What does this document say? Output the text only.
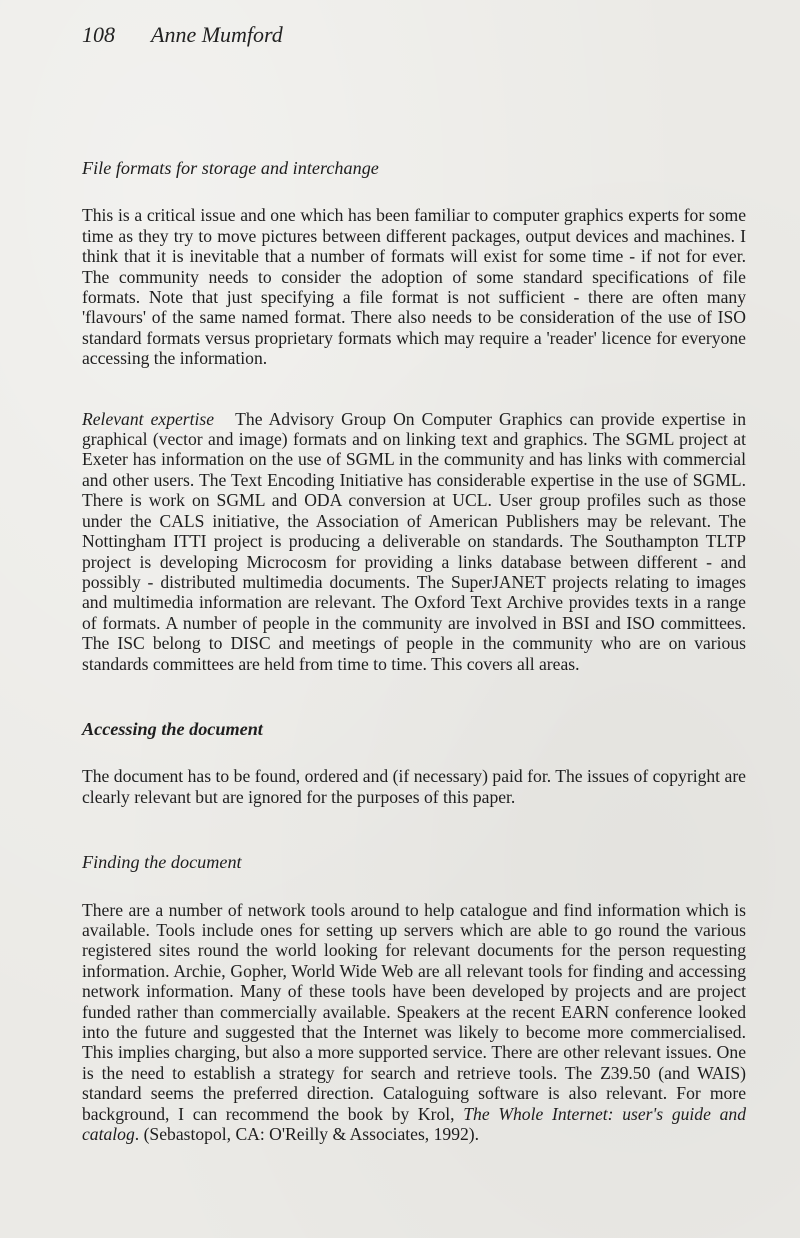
108 Anne Mumford

File formats for storage and interchange

This is a critical issue and one which has been familiar to computer graphics experts for some time as they try to move pictures between different packages, output devices and machines. I think that it is inevitable that a number of formats will exist for some time - if not for ever. The community needs to consider the adoption of some standard specifications of file formats. Note that just specifying a file format is not sufficient - there are often many 'flavours' of the same named format. There also needs to be consideration of the use of ISO standard formats versus proprietary formats which may require a 'reader' licence for everyone accessing the information.

Relevant expertise The Advisory Group On Computer Graphics can provide expertise in graphical (vector and image) formats and on linking text and graphics. The SGML project at Exeter has information on the use of SGML in the community and has links with commercial and other users. The Text Encoding Initiative has considerable expertise in the use of SGML. There is work on SGML and ODA conversion at UCL. User group profiles such as those under the CALS initiative, the Association of American Publishers may be relevant. The Nottingham ITTI project is producing a deliverable on standards. The Southampton TLTP project is developing Microcosm for providing a links database between different - and possibly - distributed multimedia documents. The SuperJANET projects relating to images and multimedia information are relevant. The Oxford Text Archive provides texts in a range of formats. A number of people in the community are involved in BSI and ISO committees. The ISC belong to DISC and meetings of people in the community who are on various standards committees are held from time to time. This covers all areas.

Accessing the document

The document has to be found, ordered and (if necessary) paid for. The issues of copyright are clearly relevant but are ignored for the purposes of this paper.

Finding the document

There are a number of network tools around to help catalogue and find information which is available. Tools include ones for setting up servers which are able to go round the various registered sites round the world looking for relevant documents for the person requesting information. Archie, Gopher, World Wide Web are all relevant tools for finding and accessing network information. Many of these tools have been developed by projects and are project funded rather than commercially available. Speakers at the recent EARN conference looked into the future and suggested that the Internet was likely to become more commercialised. This implies charging, but also a more supported service. There are other relevant issues. One is the need to establish a strategy for search and retrieve tools. The Z39.50 (and WAIS) standard seems the preferred direction. Cataloguing software is also relevant. For more background, I can recommend the book by Krol, The Whole Internet: user's guide and catalog. (Sebastopol, CA: O'Reilly & Associates, 1992).
